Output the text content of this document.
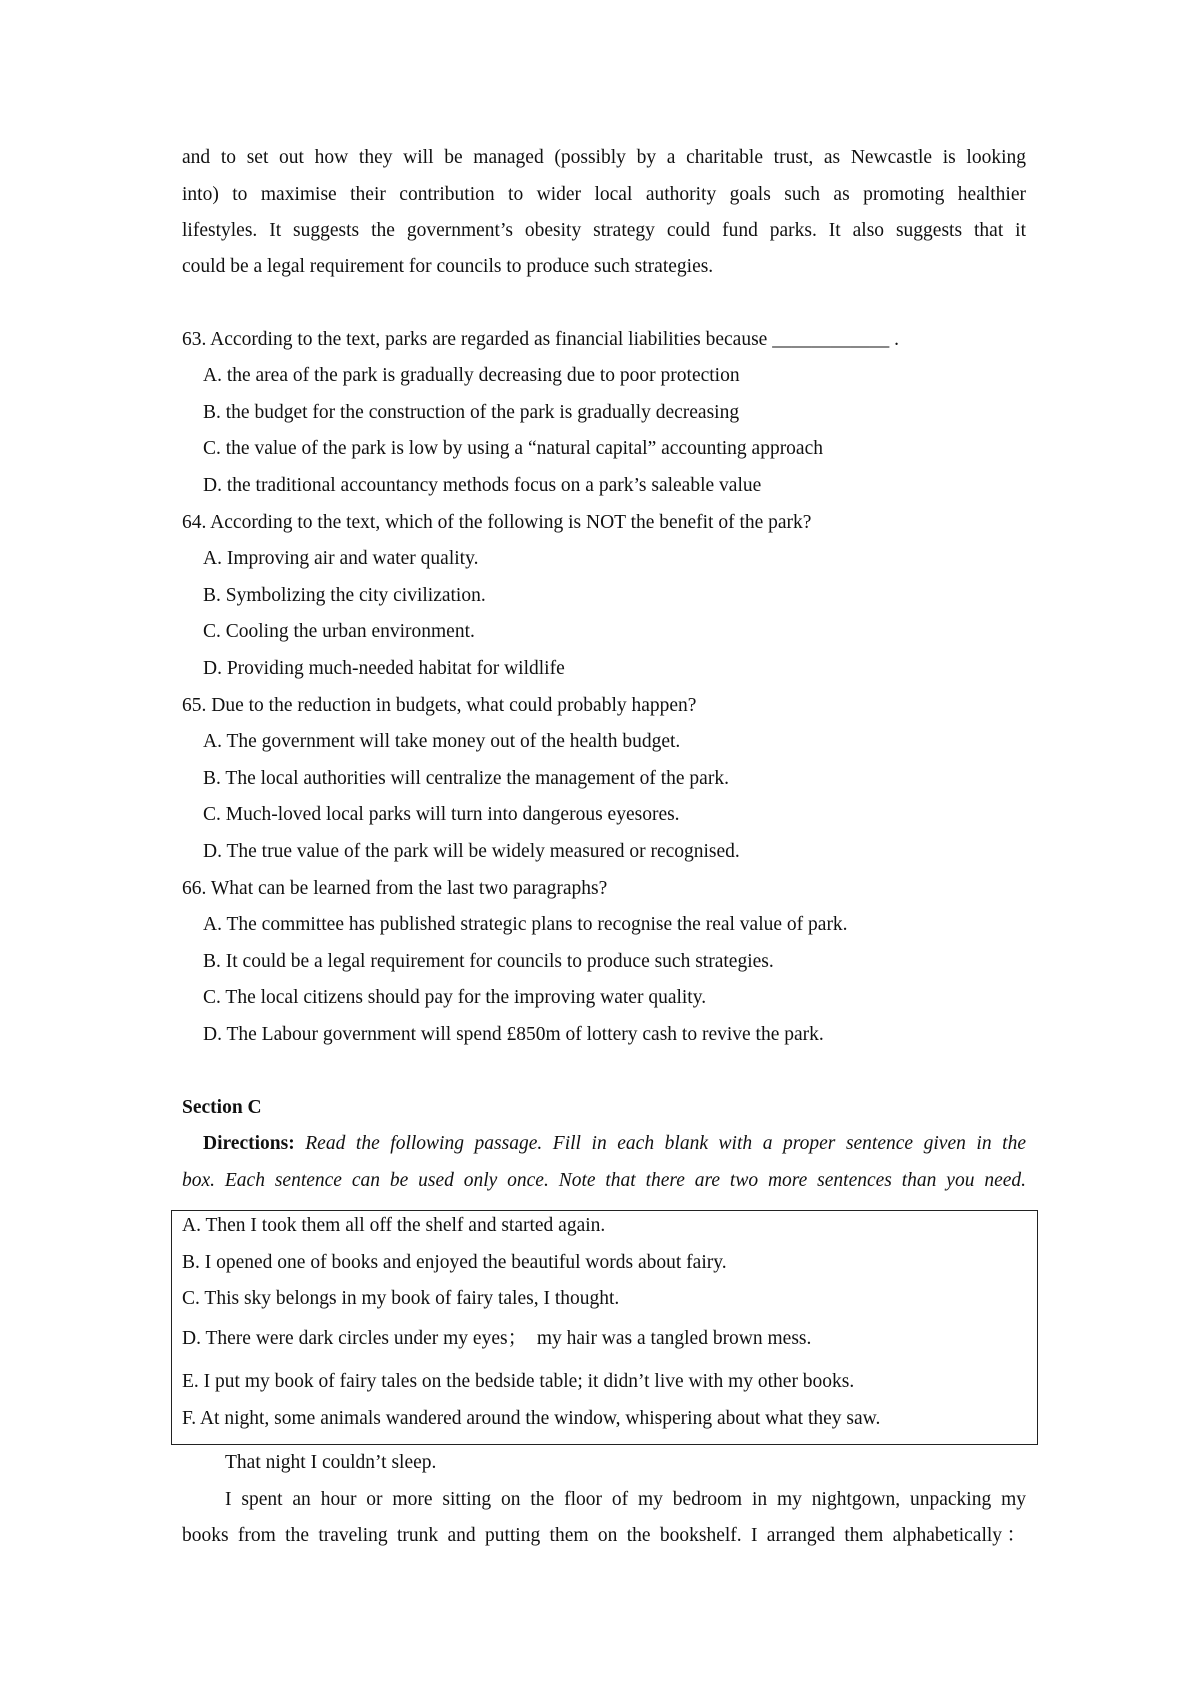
and to set out how they will be managed (possibly by a charitable trust, as Newcastle is looking
into) to maximise their contribution to wider local authority goals such as promoting healthier
lifestyles. It suggests the government’s obesity strategy could fund parks. It also suggests that it
could be a legal requirement for councils to produce such strategies.
63. According to the text, parks are regarded as financial liabilities because ____________ .
A. the area of the park is gradually decreasing due to poor protection
B. the budget for the construction of the park is gradually decreasing
C. the value of the park is low by using a “natural capital” accounting approach
D. the traditional accountancy methods focus on a park’s saleable value
64. According to the text, which of the following is NOT the benefit of the park?
A. Improving air and water quality.
B. Symbolizing the city civilization.
C. Cooling the urban environment.
D. Providing much-needed habitat for wildlife
65. Due to the reduction in budgets, what could probably happen?
A. The government will take money out of the health budget.
B. The local authorities will centralize the management of the park.
C. Much-loved local parks will turn into dangerous eyesores.
D. The true value of the park will be widely measured or recognised.
66. What can be learned from the last two paragraphs?
A. The committee has published strategic plans to recognise the real value of park.
B. It could be a legal requirement for councils to produce such strategies.
C. The local citizens should pay for the improving water quality.
D. The Labour government will spend £850m of lottery cash to revive the park.
Section C
Directions: Read the following passage. Fill in each blank with a proper sentence given in the
box. Each sentence can be used only once. Note that there are two more sentences than you need.
A. Then I took them all off the shelf and started again.
B. I opened one of books and enjoyed the beautiful words about fairy.
C. This sky belongs in my book of fairy tales, I thought.
D. There were dark circles under my eyes；  my hair was a tangled brown mess.
E. I put my book of fairy tales on the bedside table; it didn’t live with my other books.
F. At night, some animals wandered around the window, whispering about what they saw.
That night I couldn’t sleep.
I spent an hour or more sitting on the floor of my bedroom in my nightgown, unpacking my
books from the traveling trunk and putting them on the bookshelf. I arranged them alphabetically：
